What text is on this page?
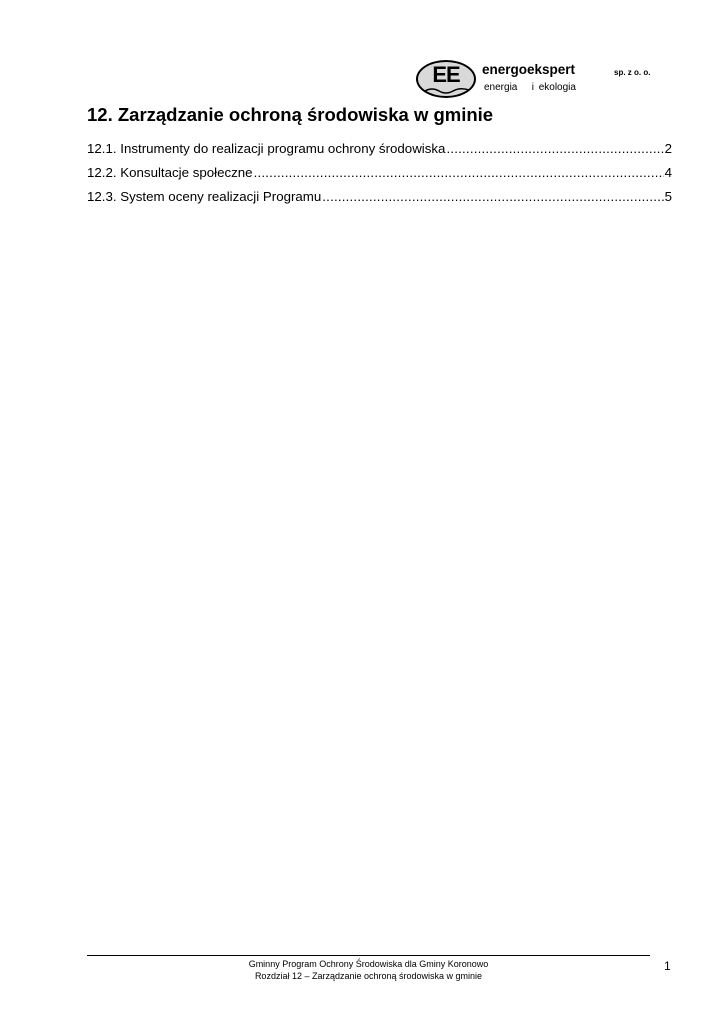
EE	energoekspert	sp. z o. o.
energia   i ekologia
12. Zarządzanie ochroną środowiska w gminie
12.1. Instrumenty do realizacji programu ochrony środowiska .....	2
12.2. Konsultacje społeczne .....	4
12.3. System oceny realizacji Programu .....	5
Gminny Program Ochrony Środowiska dla Gminy Koronowo
Rozdział 12 – Zarządzanie ochroną środowiska w gminie
1
